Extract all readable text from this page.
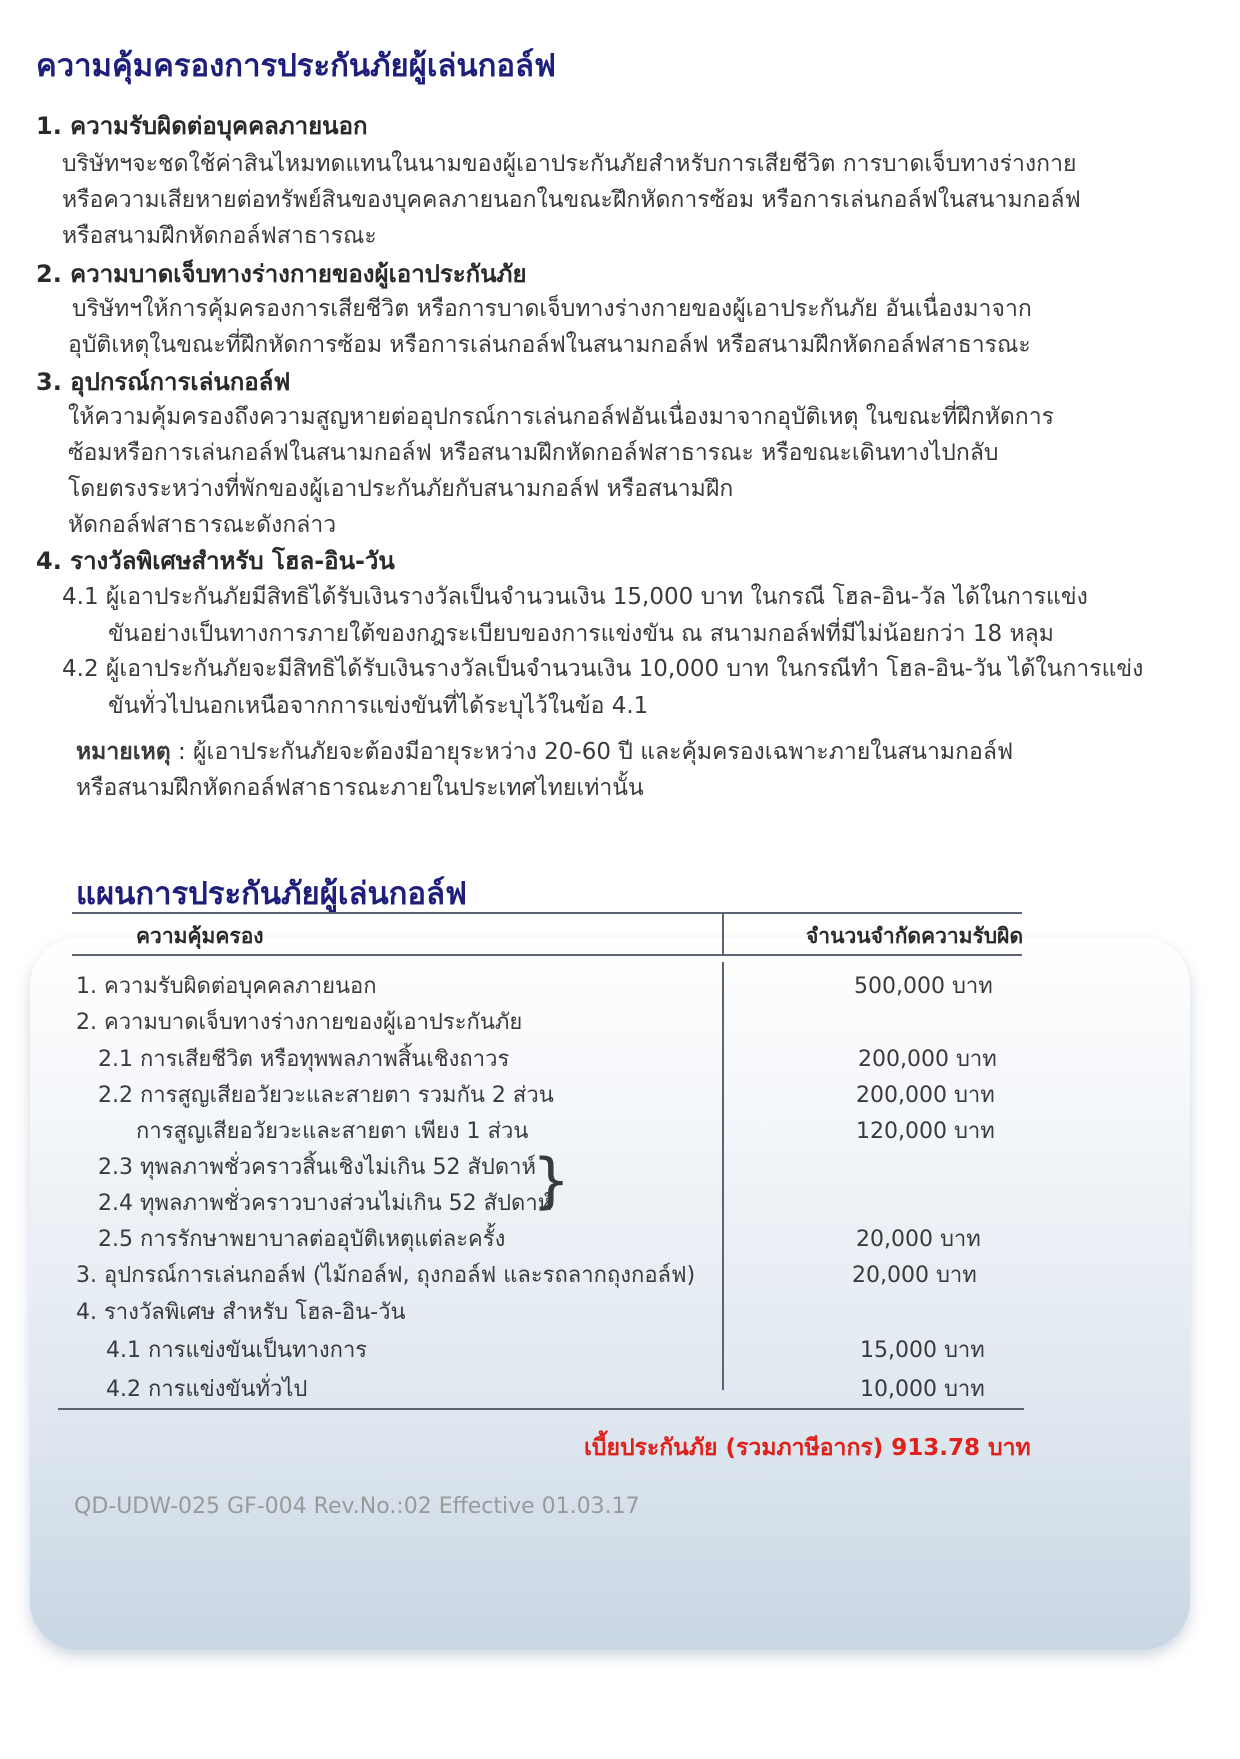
ความคุ้มครองการประกันภัยผู้เล่นกอล์ฟ
1. ความรับผิดต่อบุคคลภายนอก
บริษัทฯจะชดใช้ค่าสินไหมทดแทนในนามของผู้เอาประกันภัยสำหรับการเสียชีวิต การบาดเจ็บทางร่างกาย
หรือความเสียหายต่อทรัพย์สินของบุคคลภายนอกในขณะฝึกหัดการซ้อม หรือการเล่นกอล์ฟในสนามกอล์ฟ
หรือสนามฝึกหัดกอล์ฟสาธารณะ
2. ความบาดเจ็บทางร่างกายของผู้เอาประกันภัย
บริษัทฯให้การคุ้มครองการเสียชีวิต หรือการบาดเจ็บทางร่างกายของผู้เอาประกันภัย อันเนื่องมาจาก
อุบัติเหตุในขณะที่ฝึกหัดการซ้อม หรือการเล่นกอล์ฟในสนามกอล์ฟ หรือสนามฝึกหัดกอล์ฟสาธารณะ
3. อุปกรณ์การเล่นกอล์ฟ
ให้ความคุ้มครองถึงความสูญหายต่ออุปกรณ์การเล่นกอล์ฟอันเนื่องมาจากอุบัติเหตุ ในขณะที่ฝึกหัดการ
ซ้อมหรือการเล่นกอล์ฟในสนามกอล์ฟ หรือสนามฝึกหัดกอล์ฟสาธารณะ หรือขณะเดินทางไปกลับ
โดยตรงระหว่างที่พักของผู้เอาประกันภัยกับสนามกอล์ฟ หรือสนามฝึก
หัดกอล์ฟสาธารณะดังกล่าว
4. รางวัลพิเศษสำหรับ โฮล-อิน-วัน
4.1 ผู้เอาประกันภัยมีสิทธิได้รับเงินรางวัลเป็นจำนวนเงิน 15,000 บาท ในกรณี โฮล-อิน-วัล ได้ในการแข่ง
ขันอย่างเป็นทางการภายใต้ของกฎระเบียบของการแข่งขัน ณ สนามกอล์ฟที่มีไม่น้อยกว่า 18 หลุม
4.2 ผู้เอาประกันภัยจะมีสิทธิได้รับเงินรางวัลเป็นจำนวนเงิน 10,000 บาท ในกรณีทำ โฮล-อิน-วัน ได้ในการแข่ง
ขันทั่วไปนอกเหนือจากการแข่งขันที่ได้ระบุไว้ในข้อ 4.1
หมายเหตุ : ผู้เอาประกันภัยจะต้องมีอายุระหว่าง 20-60 ปี และคุ้มครองเฉพาะภายในสนามกอล์ฟ
หรือสนามฝึกหัดกอล์ฟสาธารณะภายในประเทศไทยเท่านั้น
แผนการประกันภัยผู้เล่นกอล์ฟ
ความคุ้มครอง	จำนวนจำกัดความรับผิด
1. ความรับผิดต่อบุคคลภายนอก	500,000 บาท
2. ความบาดเจ็บทางร่างกายของผู้เอาประกันภัย
2.1 การเสียชีวิต หรือทุพพลภาพสิ้นเชิงถาวร	200,000 บาท
2.2 การสูญเสียอวัยวะและสายตา รวมกัน 2 ส่วน	200,000 บาท
การสูญเสียอวัยวะและสายตา เพียง 1 ส่วน	120,000 บาท
2.3 ทุพลภาพชั่วคราวสิ้นเชิงไม่เกิน 52 สัปดาห์
2.4 ทุพลภาพชั่วคราวบางส่วนไม่เกิน 52 สัปดาห์
}
2.5 การรักษาพยาบาลต่ออุบัติเหตุแต่ละครั้ง	20,000 บาท
3. อุปกรณ์การเล่นกอล์ฟ (ไม้กอล์ฟ, ถุงกอล์ฟ และรถลากถุงกอล์ฟ)	20,000 บาท
4. รางวัลพิเศษ สำหรับ โฮล-อิน-วัน
4.1 การแข่งขันเป็นทางการ	15,000 บาท
4.2 การแข่งขันทั่วไป	10,000 บาท
เบี้ยประกันภัย (รวมภาษีอากร) 913.78 บาท
QD-UDW-025 GF-004 Rev.No.:02 Effective 01.03.17
